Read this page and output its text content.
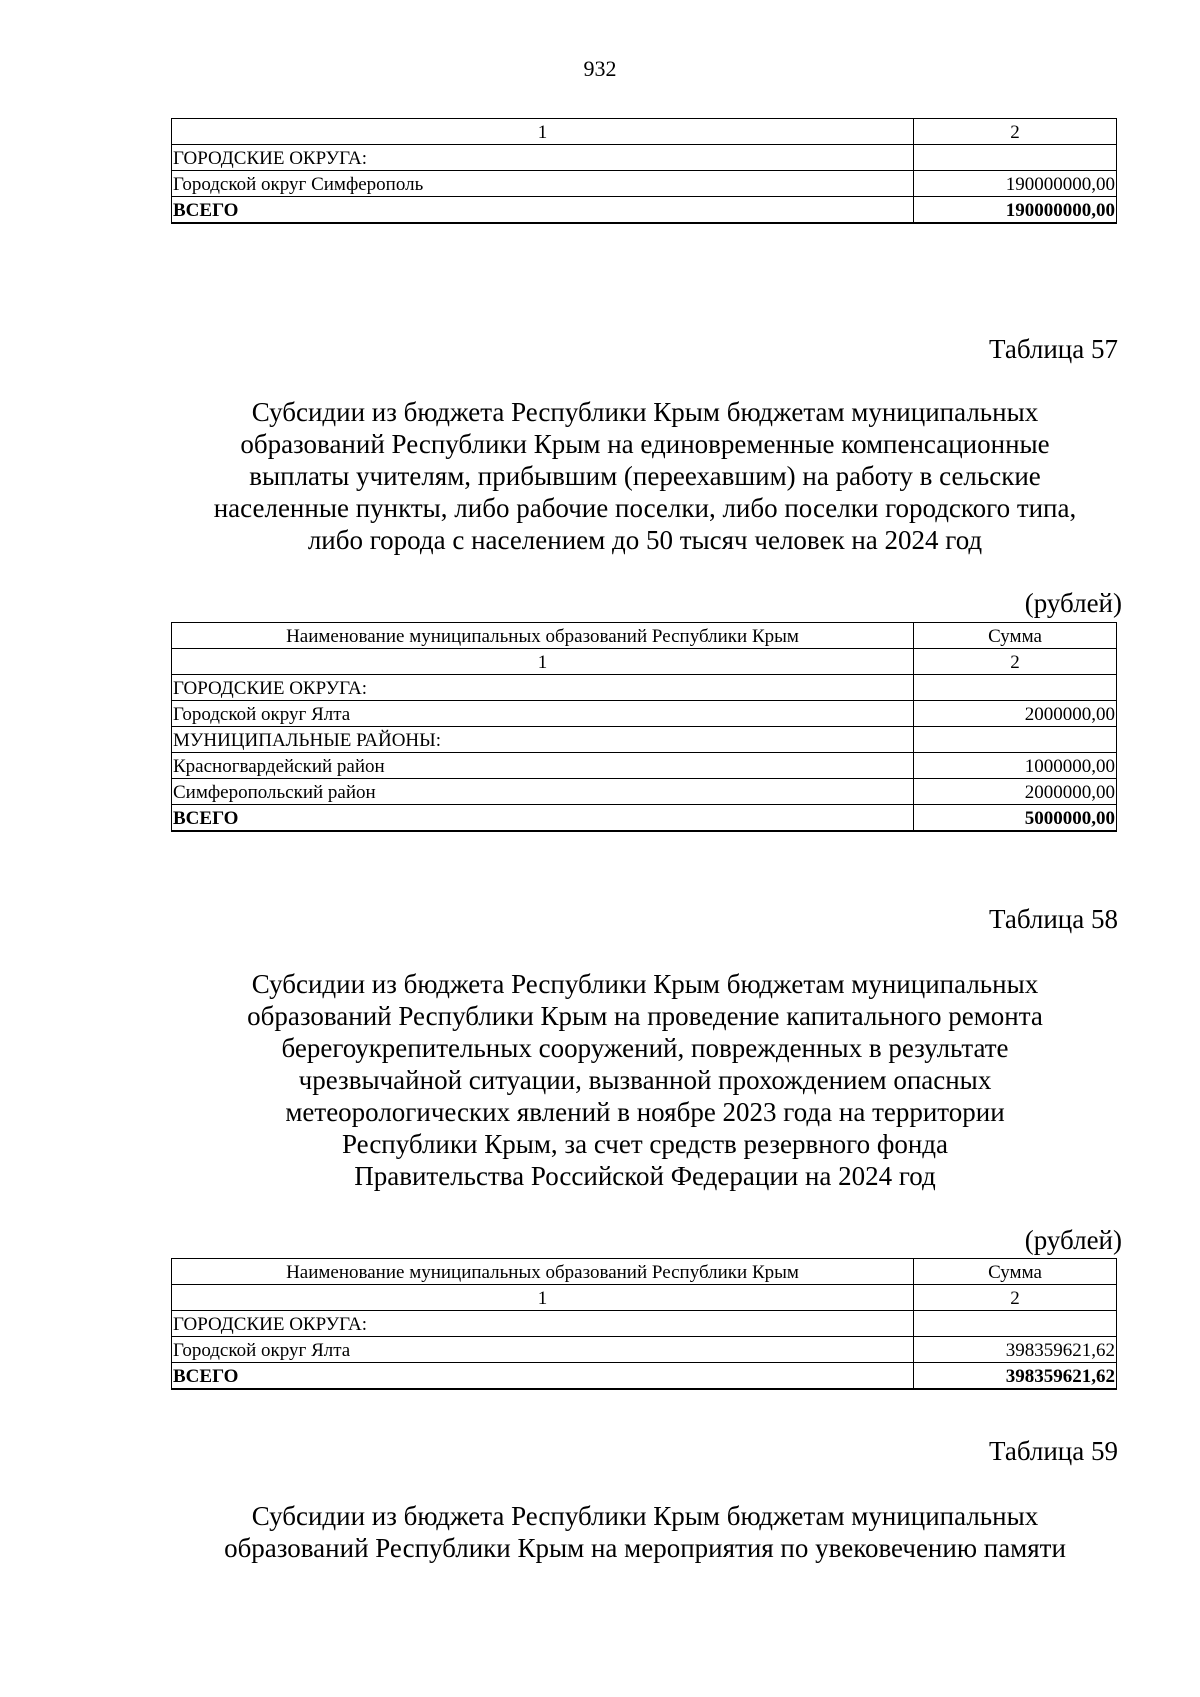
932
1	2
ГОРОДСКИЕ ОКРУГА:	
Городской округ Симферополь	190000000,00
ВСЕГО	190000000,00
Таблица 57
Субсидии из бюджета Республики Крым бюджетам муниципальных
образований Республики Крым на единовременные компенсационные
выплаты учителям, прибывшим (переехавшим) на работу в сельские
населенные пункты, либо рабочие поселки, либо поселки городского типа,
либо города с населением до 50 тысяч человек на 2024 год
(рублей)
Наименование муниципальных образований Республики Крым	Сумма
1	2
ГОРОДСКИЕ ОКРУГА:	
Городской округ Ялта	2000000,00
МУНИЦИПАЛЬНЫЕ РАЙОНЫ:	
Красногвардейский район	1000000,00
Симферопольский район	2000000,00
ВСЕГО	5000000,00
Таблица 58
Субсидии из бюджета Республики Крым бюджетам муниципальных
образований Республики Крым на проведение капитального ремонта
берегоукрепительных сооружений, поврежденных в результате
чрезвычайной ситуации, вызванной прохождением опасных
метеорологических явлений в ноябре 2023 года на территории
Республики Крым, за счет средств резервного фонда
Правительства Российской Федерации на 2024 год
(рублей)
Наименование муниципальных образований Республики Крым	Сумма
1	2
ГОРОДСКИЕ ОКРУГА:	
Городской округ Ялта	398359621,62
ВСЕГО	398359621,62
Таблица 59
Субсидии из бюджета Республики Крым бюджетам муниципальных
образований Республики Крым на мероприятия по увековечению памяти
